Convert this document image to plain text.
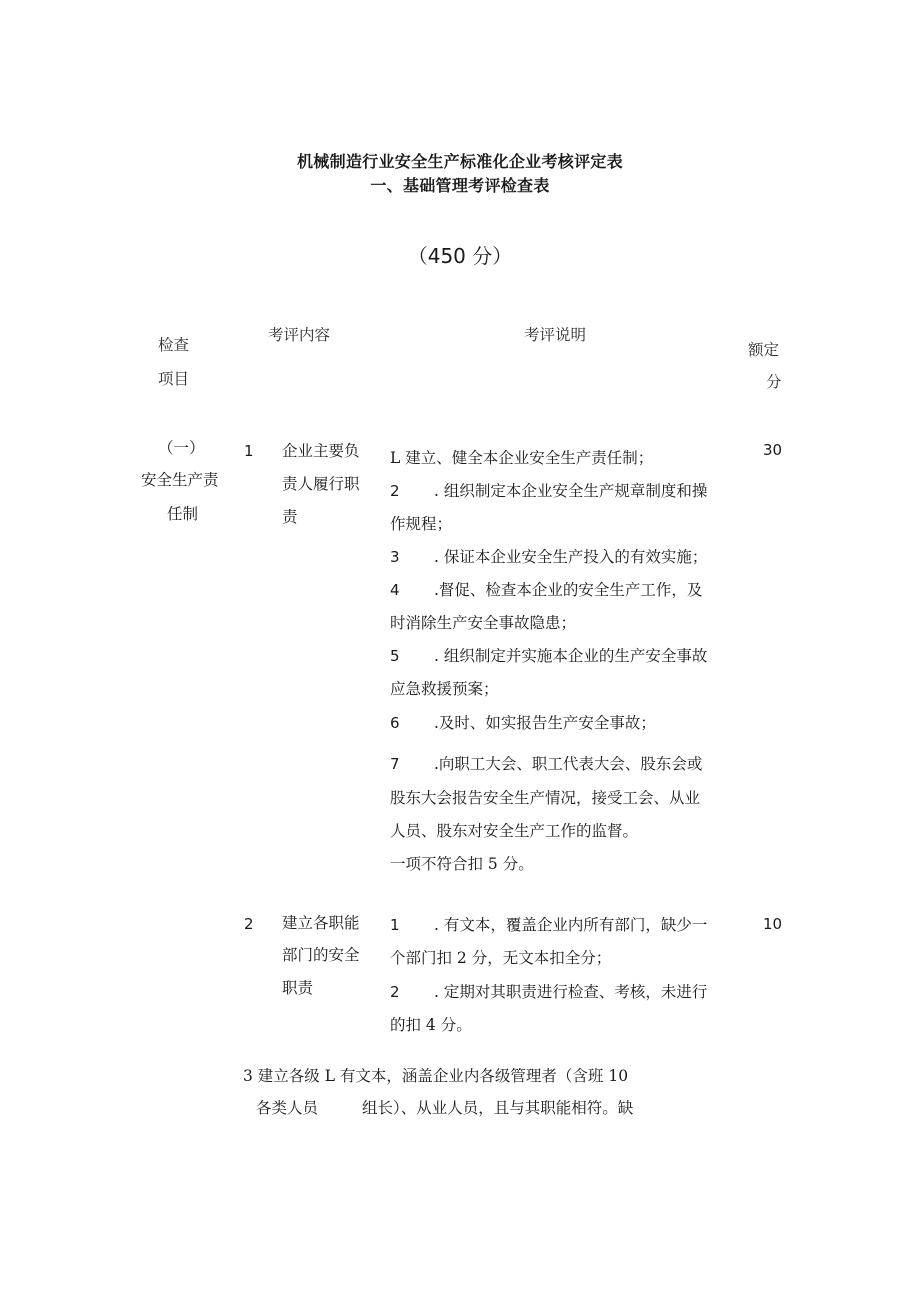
机械制造行业安全生产标准化企业考核评定表
一、基础管理考评检查表
（450 分）
检查
项目
考评内容	考评说明
额定
分
（一）
安全生产责
任制
1 企业主要负
责人履行职
责
30
L 建立、健全本企业安全生产责任制；
2 . 组织制定本企业安全生产规章制度和操
作规程；
3 . 保证本企业安全生产投入的有效实施；
4 .督促、检查本企业的安全生产工作，及
时消除生产安全事故隐患；
5 . 组织制定并实施本企业的生产安全事故
应急救援预案；
6 .及时、如实报告生产安全事故；
7 .向职工大会、职工代表大会、股东会或
股东大会报告安全生产情况，接受工会、从业
人员、股东对安全生产工作的监督。
一项不符合扣 5 分。
2 建立各职能
部门的安全
职责
10
1 . 有文本，覆盖企业内所有部门，缺少一
个部门扣 2 分，无文本扣全分；
2 . 定期对其职责进行检查、考核，未进行
的扣 4 分。
3 建立各级 L 有文本，涵盖企业内各级管理者（含班 10
各类人员	组长）、从业人员，且与其职能相符。缺
